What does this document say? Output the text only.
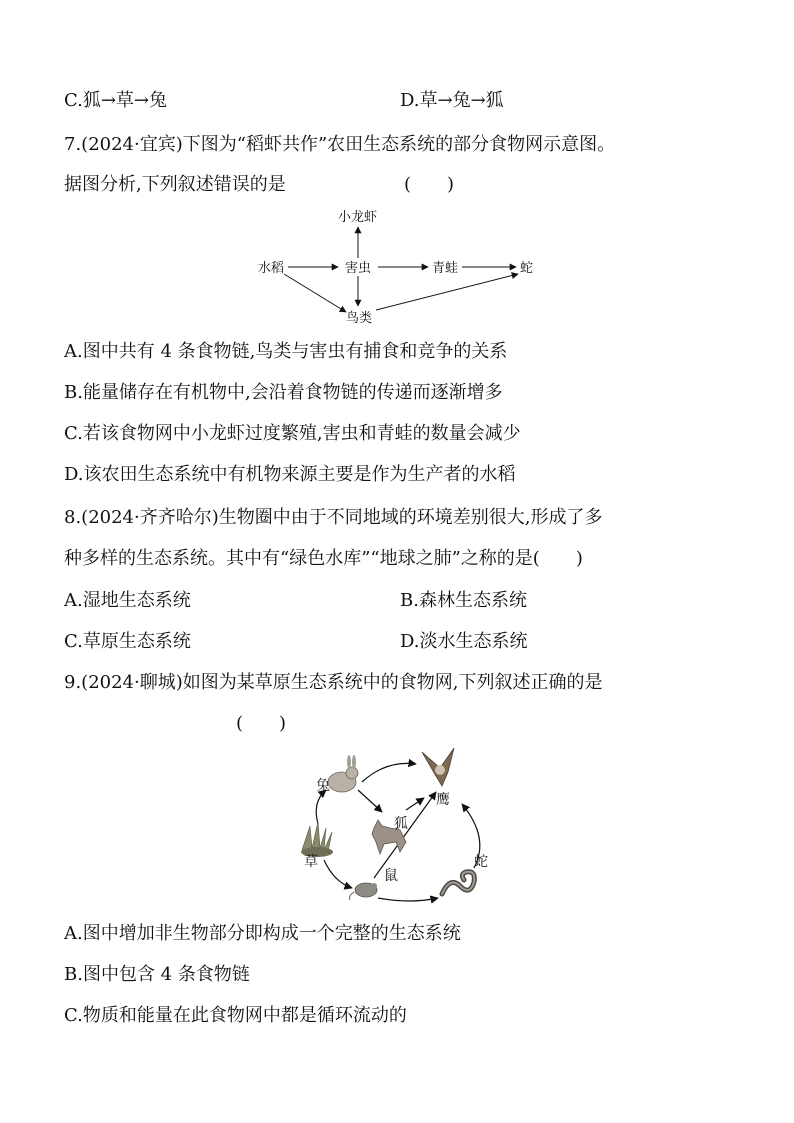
C.狐→草→兔	D.草→兔→狐
7.(2024·宜宾)下图为“稻虾共作”农田生态系统的部分食物网示意图。
据图分析,下列叙述错误的是	(　　)
水稻	害虫
小龙虾
青蛙	蛇
鸟类
A.图中共有 4 条食物链,鸟类与害虫有捕食和竞争的关系
B.能量储存在有机物中,会沿着食物链的传递而逐渐增多
C.若该食物网中小龙虾过度繁殖,害虫和青蛙的数量会减少
D.该农田生态系统中有机物来源主要是作为生产者的水稻
8.(2024·齐齐哈尔)生物圈中由于不同地域的环境差别很大,形成了多
种多样的生态系统。其中有“绿色水库”“地球之肺”之称的是(　　)
A.湿地生态系统	B.森林生态系统
C.草原生态系统	D.淡水生态系统
9.(2024·聊城)如图为某草原生态系统中的食物网,下列叙述正确的是
(　　)
兔
鹰
狐
草
鼠
蛇
A.图中增加非生物部分即构成一个完整的生态系统
B.图中包含 4 条食物链
C.物质和能量在此食物网中都是循环流动的
